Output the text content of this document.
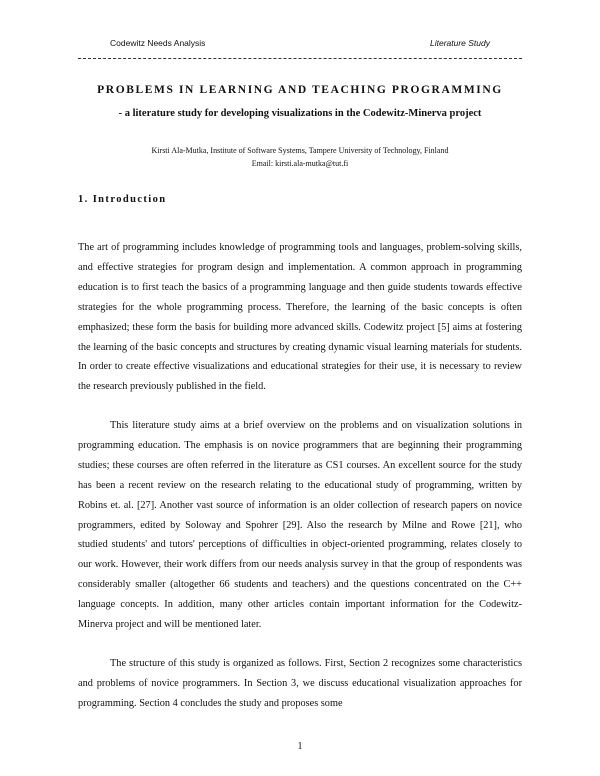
Codewitz Needs Analysis	Literature Study
PROBLEMS IN LEARNING AND TEACHING PROGRAMMING
- a literature study for developing visualizations in the Codewitz-Minerva project
Kirsti Ala-Mutka, Institute of Software Systems, Tampere University of Technology, Finland
Email: kirsti.ala-mutka@tut.fi
1. Introduction

The art of programming includes knowledge of programming tools and languages, problem-solving skills, and effective strategies for program design and implementation. A common approach in programming education is to first teach the basics of a programming language and then guide students towards effective strategies for the whole programming process. Therefore, the learning of the basic concepts is often emphasized; these form the basis for building more advanced skills. Codewitz project [5] aims at fostering the learning of the basic concepts and structures by creating dynamic visual learning materials for students. In order to create effective visualizations and educational strategies for their use, it is necessary to review the research previously published in the field.

This literature study aims at a brief overview on the problems and on visualization solutions in programming education. The emphasis is on novice programmers that are beginning their programming studies; these courses are often referred in the literature as CS1 courses. An excellent source for the study has been a recent review on the research relating to the educational study of programming, written by Robins et. al. [27]. Another vast source of information is an older collection of research papers on novice programmers, edited by Soloway and Spohrer [29]. Also the research by Milne and Rowe [21], who studied students' and tutors' perceptions of difficulties in object-oriented programming, relates closely to our work. However, their work differs from our needs analysis survey in that the group of respondents was considerably smaller (altogether 66 students and teachers) and the questions concentrated on the C++ language concepts. In addition, many other articles contain important information for the Codewitz-Minerva project and will be mentioned later.

The structure of this study is organized as follows. First, Section 2 recognizes some characteristics and problems of novice programmers. In Section 3, we discuss educational visualization approaches for programming. Section 4 concludes the study and proposes some

1
